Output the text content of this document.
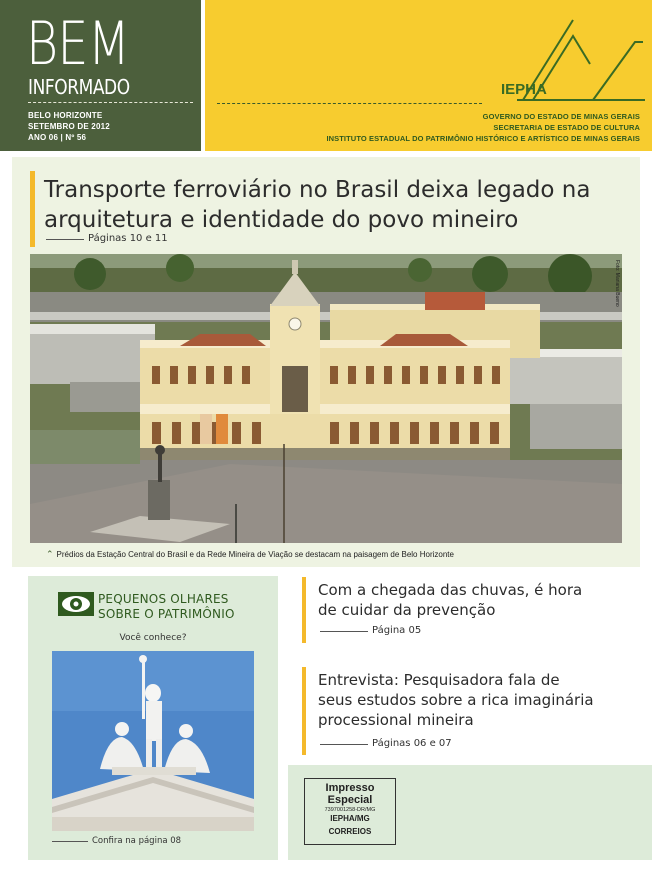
BEM
INFORMADO
BELO HORIZONTE
SETEMBRO DE 2012
ANO 06 | Nº 56
IEPHA
GOVERNO DO ESTADO DE MINAS GERAIS
SECRETARIA DE ESTADO DE CULTURA
INSTITUTO ESTADUAL DO PATRIMÔNIO HISTÓRICO E ARTÍSTICO DE MINAS GERAIS
Transporte ferroviário no Brasil deixa legado na arquitetura e identidade do povo mineiro
Páginas 10 e 11
Foto: Mariana Bueno
⌃ Prédios da Estação Central do Brasil e da Rede Mineira de Viação se destacam na paisagem de Belo Horizonte
PEQUENOS OLHARES
SOBRE O PATRIMÔNIO
Você conhece?
Confira na página 08
Com a chegada das chuvas, é hora
de cuidar da prevenção
Página 05
Entrevista: Pesquisadora fala de
seus estudos sobre a rica imaginária
processional mineira
Páginas 06 e 07
Impresso
Especial
7397001258-DR/MG
IEPHA/MG
CORREIOS
